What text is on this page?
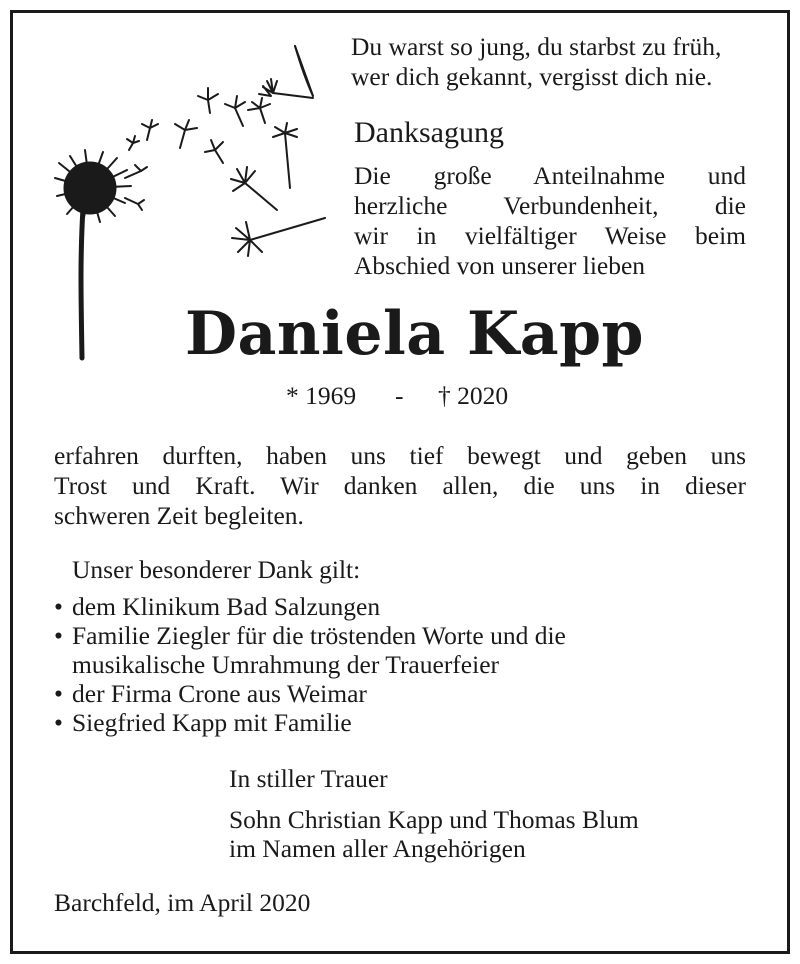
Du warst so jung, du starbst zu früh,

wer dich gekannt, vergisst dich nie.

Danksagung

Die große Anteilnahme und

herzliche Verbundenheit, die

wir in vielfältiger Weise beim

Abschied von unserer lieben

Daniela Kapp

* 1969 - † 2020

erfahren durften, haben uns tief bewegt und geben uns

Trost und Kraft. Wir danken allen, die uns in dieser

schweren Zeit begleiten.

Unser besonderer Dank gilt:

• dem Klinikum Bad Salzungen

• Familie Ziegler für die tröstenden Worte und die

musikalische Umrahmung der Trauerfeier

• der Firma Crone aus Weimar

• Siegfried Kapp mit Familie

In stiller Trauer

Sohn Christian Kapp und Thomas Blum

im Namen aller Angehörigen

Barchfeld, im April 2020
